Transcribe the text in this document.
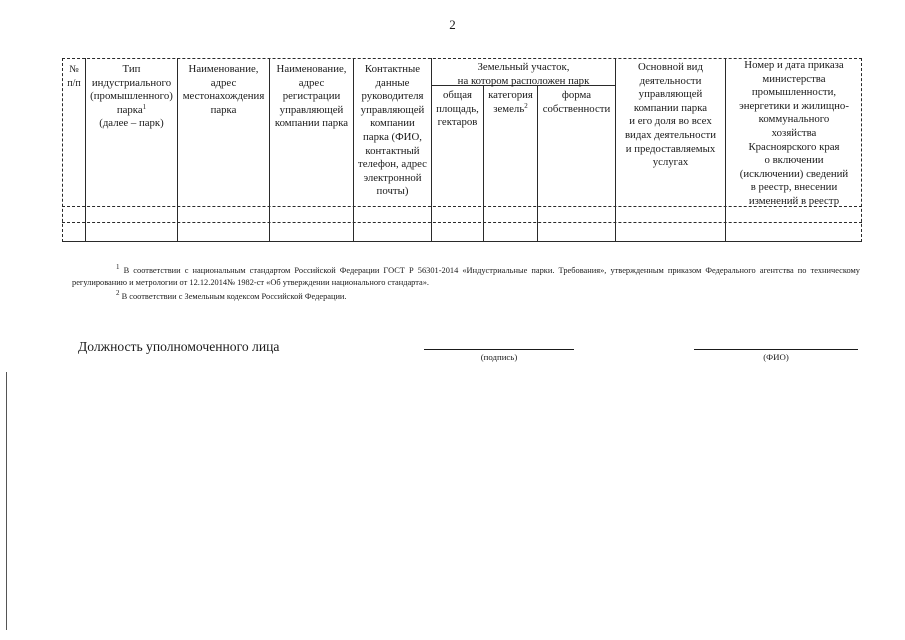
2
№
п/п
Тип
индустриального
(промышленного)
парка$^1$
(далее – парк)
Наименование,
адрес
местонахождения
парка
Наименование,
адрес
регистрации
управляющей
компании парка
Контактные
данные
руководителя
управляющей
компании
парка (ФИО,
контактный
телефон, адрес
электронной
почты)
Земельный участок,
на котором расположен парк
общая
площадь,
гектаров
категория
земель$^2$
форма
собственности
Основной вид
деятельности
управляющей
компании парка
и его доля во всех
видах деятельности
и предоставляемых
услугах
Номер и дата приказа
министерства
промышленности,
энергетики и жилищно-
коммунального
хозяйства
Красноярского края
о включении
(исключении) сведений
в реестр, внесении
изменений в реестр
$^1$ В соответствии с национальным стандартом Российской Федерации ГОСТ Р 56301-2014 «Индустриальные парки. Требования», утвержденным приказом Федерального агентства по техническому регулированию и метрологии от 12.12.2014№ 1982-ст «Об утверждении национального стандарта».
$^2$ В соответствии с Земельным кодексом Российской Федерации.
Должность уполномоченного лица
(подпись)	(ФИО)
